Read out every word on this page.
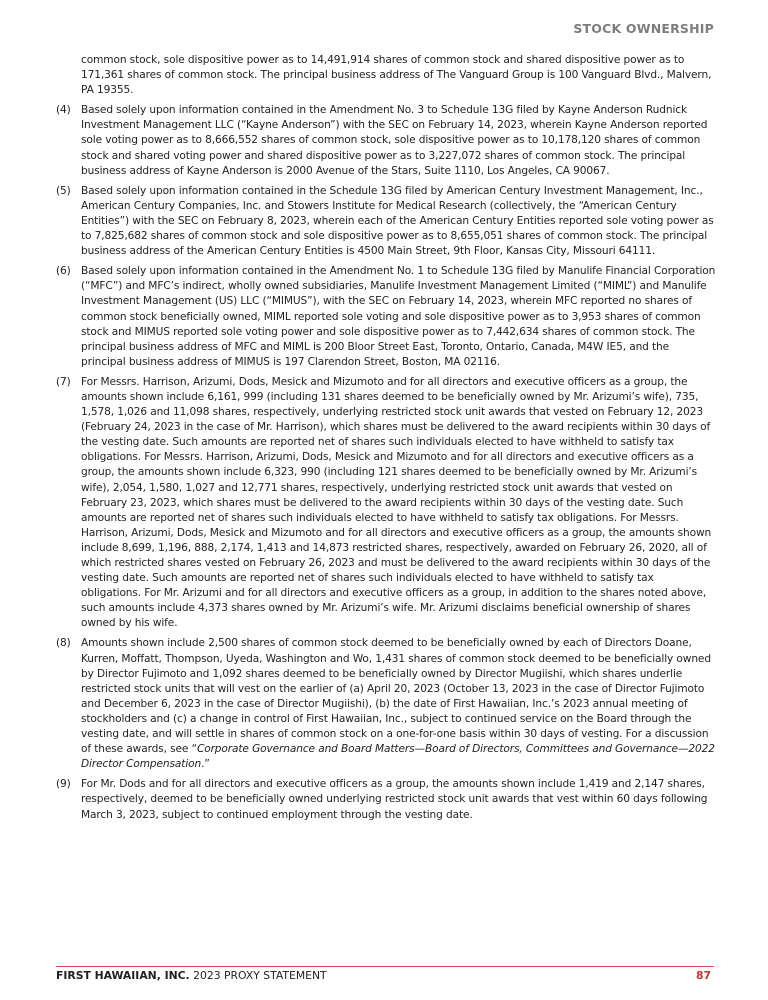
STOCK OWNERSHIP
common stock, sole dispositive power as to 14,491,914 shares of common stock and shared dispositive power as to 171,361 shares of common stock. The principal business address of The Vanguard Group is 100 Vanguard Blvd., Malvern, PA 19355.
(4) Based solely upon information contained in the Amendment No. 3 to Schedule 13G filed by Kayne Anderson Rudnick Investment Management LLC (“Kayne Anderson”) with the SEC on February 14, 2023, wherein Kayne Anderson reported sole voting power as to 8,666,552 shares of common stock, sole dispositive power as to 10,178,120 shares of common stock and shared voting power and shared dispositive power as to 3,227,072 shares of common stock. The principal business address of Kayne Anderson is 2000 Avenue of the Stars, Suite 1110, Los Angeles, CA 90067.
(5) Based solely upon information contained in the Schedule 13G filed by American Century Investment Management, Inc., American Century Companies, Inc. and Stowers Institute for Medical Research (collectively, the “American Century Entities”) with the SEC on February 8, 2023, wherein each of the American Century Entities reported sole voting power as to 7,825,682 shares of common stock and sole dispositive power as to 8,655,051 shares of common stock. The principal business address of the American Century Entities is 4500 Main Street, 9th Floor, Kansas City, Missouri 64111.
(6) Based solely upon information contained in the Amendment No. 1 to Schedule 13G filed by Manulife Financial Corporation (“MFC”) and MFC’s indirect, wholly owned subsidiaries, Manulife Investment Management Limited (“MIML”) and Manulife Investment Management (US) LLC (“MIMUS”), with the SEC on February 14, 2023, wherein MFC reported no shares of common stock beneficially owned, MIML reported sole voting and sole dispositive power as to 3,953 shares of common stock and MIMUS reported sole voting power and sole dispositive power as to 7,442,634 shares of common stock. The principal business address of MFC and MIML is 200 Bloor Street East, Toronto, Ontario, Canada, M4W IE5, and the principal business address of MIMUS is 197 Clarendon Street, Boston, MA 02116.
(7) For Messrs. Harrison, Arizumi, Dods, Mesick and Mizumoto and for all directors and executive officers as a group, the amounts shown include 6,161, 999 (including 131 shares deemed to be beneficially owned by Mr. Arizumi’s wife), 735, 1,578, 1,026 and 11,098 shares, respectively, underlying restricted stock unit awards that vested on February 12, 2023 (February 24, 2023 in the case of Mr. Harrison), which shares must be delivered to the award recipients within 30 days of the vesting date. Such amounts are reported net of shares such individuals elected to have withheld to satisfy tax obligations. For Messrs. Harrison, Arizumi, Dods, Mesick and Mizumoto and for all directors and executive officers as a group, the amounts shown include 6,323, 990 (including 121 shares deemed to be beneficially owned by Mr. Arizumi’s wife), 2,054, 1,580, 1,027 and 12,771 shares, respectively, underlying restricted stock unit awards that vested on February 23, 2023, which shares must be delivered to the award recipients within 30 days of the vesting date. Such amounts are reported net of shares such individuals elected to have withheld to satisfy tax obligations. For Messrs. Harrison, Arizumi, Dods, Mesick and Mizumoto and for all directors and executive officers as a group, the amounts shown include 8,699, 1,196, 888, 2,174, 1,413 and 14,873 restricted shares, respectively, awarded on February 26, 2020, all of which restricted shares vested on February 26, 2023 and must be delivered to the award recipients within 30 days of the vesting date. Such amounts are reported net of shares such individuals elected to have withheld to satisfy tax obligations. For Mr. Arizumi and for all directors and executive officers as a group, in addition to the shares noted above, such amounts include 4,373 shares owned by Mr. Arizumi’s wife. Mr. Arizumi disclaims beneficial ownership of shares owned by his wife.
(8) Amounts shown include 2,500 shares of common stock deemed to be beneficially owned by each of Directors Doane, Kurren, Moffatt, Thompson, Uyeda, Washington and Wo, 1,431 shares of common stock deemed to be beneficially owned by Director Fujimoto and 1,092 shares deemed to be beneficially owned by Director Mugiishi, which shares underlie restricted stock units that will vest on the earlier of (a) April 20, 2023 (October 13, 2023 in the case of Director Fujimoto and December 6, 2023 in the case of Director Mugiishi), (b) the date of First Hawaiian, Inc.’s 2023 annual meeting of stockholders and (c) a change in control of First Hawaiian, Inc., subject to continued service on the Board through the vesting date, and will settle in shares of common stock on a one-for-one basis within 30 days of vesting. For a discussion of these awards, see “Corporate Governance and Board Matters—Board of Directors, Committees and Governance—2022 Director Compensation.”
(9) For Mr. Dods and for all directors and executive officers as a group, the amounts shown include 1,419 and 2,147 shares, respectively, deemed to be beneficially owned underlying restricted stock unit awards that vest within 60 days following March 3, 2023, subject to continued employment through the vesting date.
FIRST HAWAIIAN, INC. 2023 PROXY STATEMENT	87
